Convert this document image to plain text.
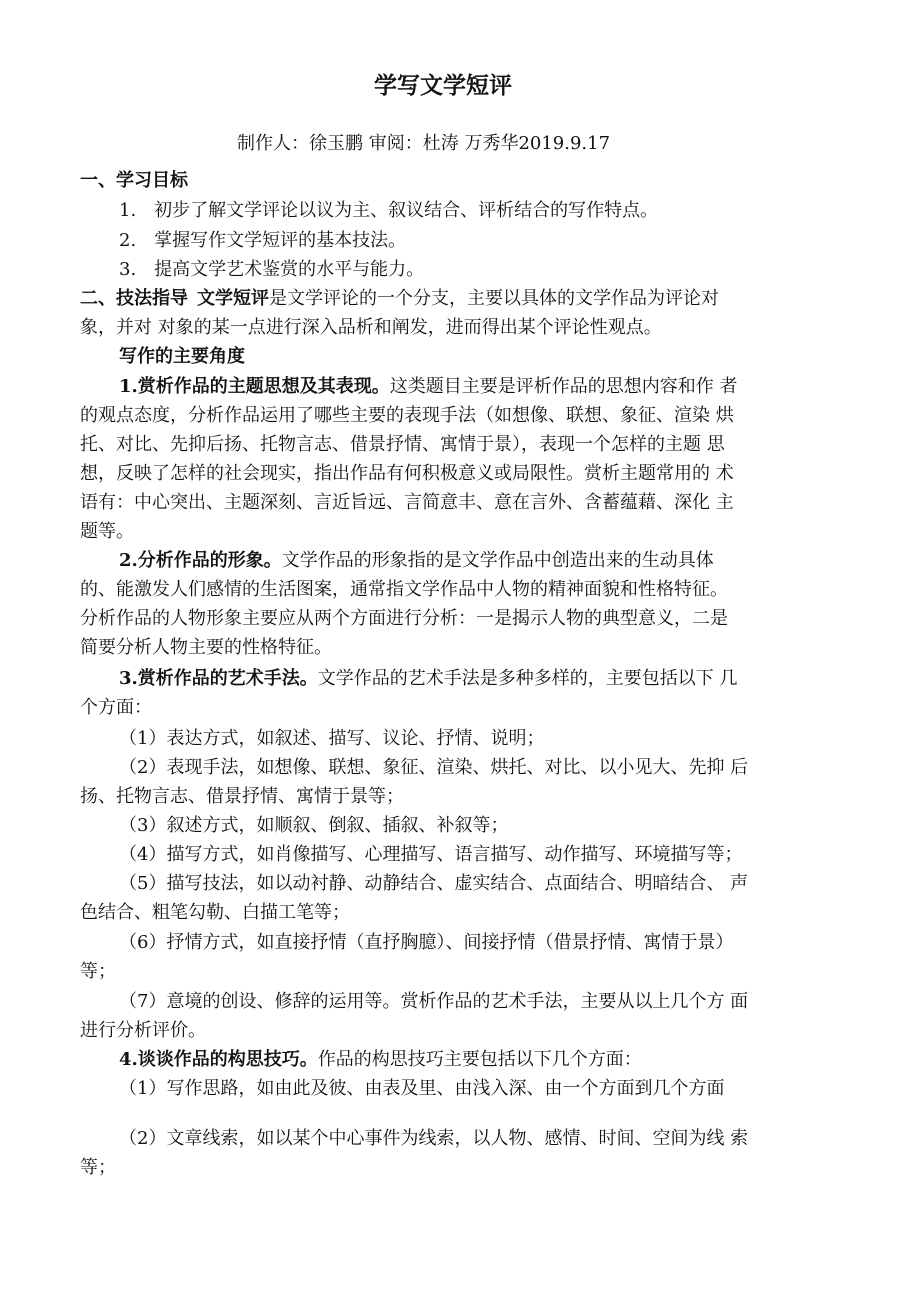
学写文学短评
制作人：徐玉鹏 审阅：杜涛 万秀华2019.9.17
一、学习目标
1.　初步了解文学评论以议为主、叙议结合、评析结合的写作特点。
2.　掌握写作文学短评的基本技法。
3.　提高文学艺术鉴赏的水平与能力。
二、技法指导 文学短评是文学评论的一个分支，主要以具体的文学作品为评论对
象，并对 对象的某一点进行深入品析和阐发，进而得出某个评论性观点。
写作的主要角度
1.赏析作品的主题思想及其表现。这类题目主要是评析作品的思想内容和作 者
的观点态度，分析作品运用了哪些主要的表现手法（如想像、联想、象征、渲染 烘
托、对比、先抑后扬、托物言志、借景抒情、寓情于景），表现一个怎样的主题 思
想，反映了怎样的社会现实，指出作品有何积极意义或局限性。赏析主题常用的 术
语有：中心突出、主题深刻、言近旨远、言简意丰、意在言外、含蓄蕴藉、深化 主
题等。
2.分析作品的形象。文学作品的形象指的是文学作品中创造出来的生动具体
的、能激发人们感情的生活图案，通常指文学作品中人物的精神面貌和性格特征。
分析作品的人物形象主要应从两个方面进行分析：一是揭示人物的典型意义，二是
简要分析人物主要的性格特征。
3.赏析作品的艺术手法。文学作品的艺术手法是多种多样的，主要包括以下 几
个方面：
（1）表达方式，如叙述、描写、议论、抒情、说明；
（2）表现手法，如想像、联想、象征、渲染、烘托、对比、以小见大、先抑 后
扬、托物言志、借景抒情、寓情于景等；
（3）叙述方式，如顺叙、倒叙、插叙、补叙等；
（4）描写方式，如肖像描写、心理描写、语言描写、动作描写、环境描写等；
（5）描写技法，如以动衬静、动静结合、虚实结合、点面结合、明暗结合、 声
色结合、粗笔勾勒、白描工笔等；
（6）抒情方式，如直接抒情（直抒胸臆）、间接抒情（借景抒情、寓情于景）
等；
（7）意境的创设、修辞的运用等。赏析作品的艺术手法，主要从以上几个方 面
进行分析评价。
4.谈谈作品的构思技巧。作品的构思技巧主要包括以下几个方面：
（1）写作思路，如由此及彼、由表及里、由浅入深、由一个方面到几个方面
（2）文章线索，如以某个中心事件为线索，以人物、感情、时间、空间为线 索
等；
